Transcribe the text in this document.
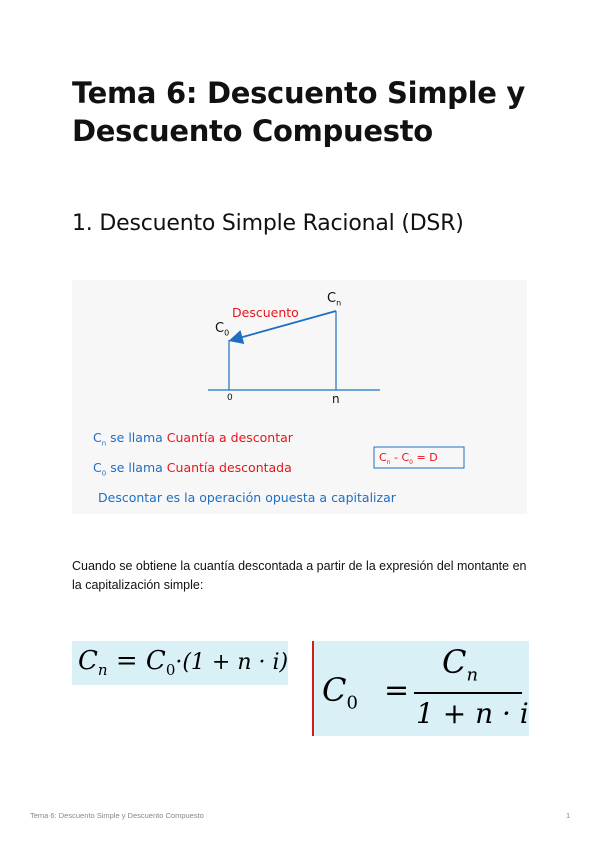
Tema 6: Descuento Simple y Descuento Compuesto
1. Descuento Simple Racional (DSR)
$C_n$
Descuento
$C_0$
0	n
$C_n$ se llama Cuantía a descontar
$C_0$ se llama Cuantía descontada
$C_n - C_0 = D$
Descontar es la operación opuesta a capitalizar

Cuando se obtiene la cuantía descontada a partir de la expresión del montante en la capitalización simple:

$C_n = C_0\cdot(1 + n \cdot i)$
$C_0$ =
$C_n$
1 + n · i
Tema 6: Descuento Simple y Descuento Compuesto	1
